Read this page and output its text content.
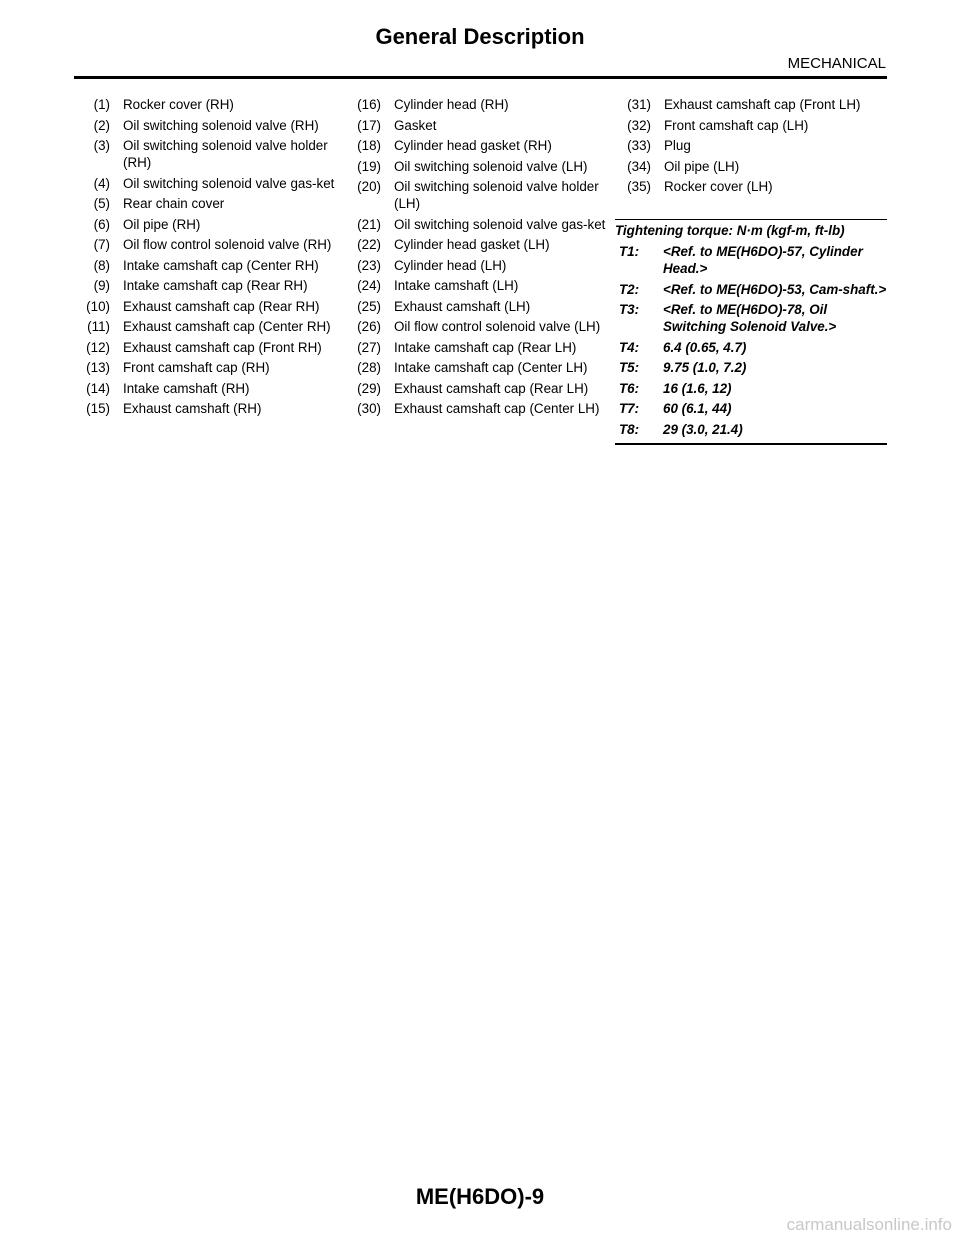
General Description
MECHANICAL
(1) Rocker cover (RH)
(2) Oil switching solenoid valve (RH)
(3) Oil switching solenoid valve holder (RH)
(4) Oil switching solenoid valve gas-ket
(5) Rear chain cover
(6) Oil pipe (RH)
(7) Oil flow control solenoid valve (RH)
(8) Intake camshaft cap (Center RH)
(9) Intake camshaft cap (Rear RH)
(10) Exhaust camshaft cap (Rear RH)
(11) Exhaust camshaft cap (Center RH)
(12) Exhaust camshaft cap (Front RH)
(13) Front camshaft cap (RH)
(14) Intake camshaft (RH)
(15) Exhaust camshaft (RH)
(16) Cylinder head (RH)
(17) Gasket
(18) Cylinder head gasket (RH)
(19) Oil switching solenoid valve (LH)
(20) Oil switching solenoid valve holder (LH)
(21) Oil switching solenoid valve gas-ket
(22) Cylinder head gasket (LH)
(23) Cylinder head (LH)
(24) Intake camshaft (LH)
(25) Exhaust camshaft (LH)
(26) Oil flow control solenoid valve (LH)
(27) Intake camshaft cap (Rear LH)
(28) Intake camshaft cap (Center LH)
(29) Exhaust camshaft cap (Rear LH)
(30) Exhaust camshaft cap (Center LH)
(31) Exhaust camshaft cap (Front LH)
(32) Front camshaft cap (LH)
(33) Plug
(34) Oil pipe (LH)
(35) Rocker cover (LH)
Tightening torque: N·m (kgf-m, ft-lb)
T1:	<Ref. to ME(H6DO)-57, Cylinder Head.>
T2:	<Ref. to ME(H6DO)-53, Cam-shaft.>
T3:	<Ref. to ME(H6DO)-78, Oil Switching Solenoid Valve.>
T4:	6.4 (0.65, 4.7)
T5:	9.75 (1.0, 7.2)
T6:	16 (1.6, 12)
T7:	60 (6.1, 44)
T8:	29 (3.0, 21.4)
ME(H6DO)-9
carmanualsonline.info
